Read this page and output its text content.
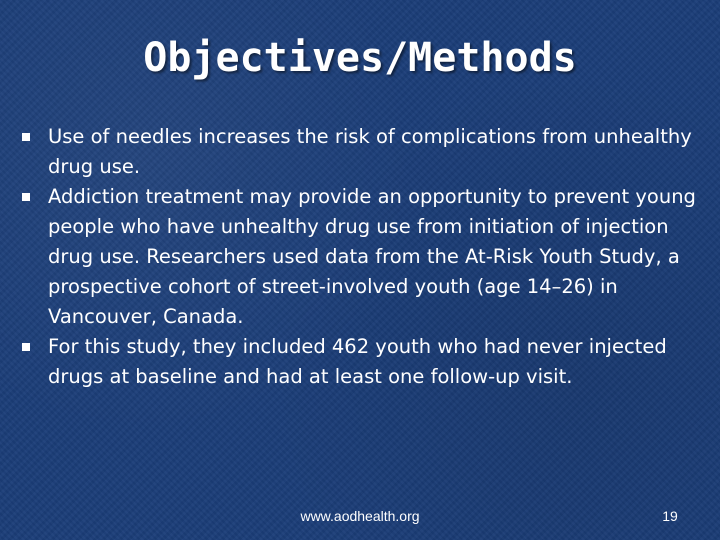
Objectives/Methods
Use of needles increases the risk of complications from unhealthy drug use.
Addiction treatment may provide an opportunity to prevent young people who have unhealthy drug use from initiation of injection drug use. Researchers used data from the At-Risk Youth Study, a prospective cohort of street-involved youth (age 14–26) in Vancouver, Canada.
For this study, they included 462 youth who had never injected drugs at baseline and had at least one follow-up visit.
www.aodhealth.org	19
